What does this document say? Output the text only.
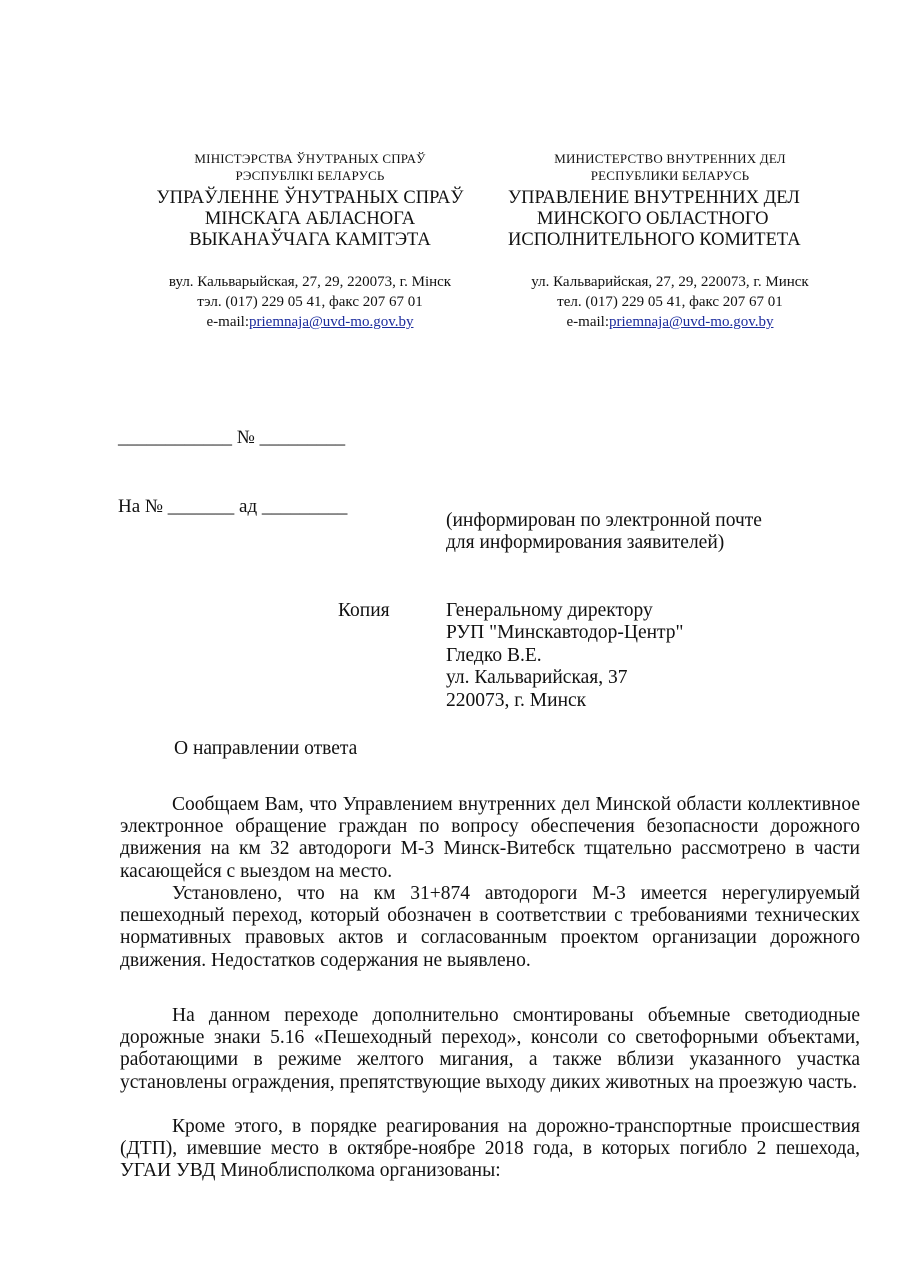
МІНІСТЭРСТВА ЎНУТРАНЫХ СПРАЎ
РЭСПУБЛІКІ БЕЛАРУСЬ
УПРАЎЛЕННЕ ЎНУТРАНЫХ СПРАЎ
МІНСКАГА АБЛАСНОГА
ВЫКАНАЎЧАГА КАМІТЭТА
вул. Кальварыйская, 27, 29, 220073, г. Мінск
тэл. (017) 229 05 41, факс 207 67 01
e-mail:priemnaja@uvd-mo.gov.by
МИНИСТЕРСТВО ВНУТРЕННИХ ДЕЛ
РЕСПУБЛИКИ БЕЛАРУСЬ
УПРАВЛЕНИЕ ВНУТРЕННИХ ДЕЛ
МИНСКОГО ОБЛАСТНОГО
ИСПОЛНИТЕЛЬНОГО КОМИТЕТА
ул. Кальварийская, 27, 29, 220073, г. Минск
тел. (017) 229 05 41, факс 207 67 01
e-mail:priemnaja@uvd-mo.gov.by

____________ № _________

На № _______ ад _________

(информирован по электронной почте
для информирования заявителей)
Копия	Генеральному директору
РУП "Минскавтодор-Центр"
Гледко В.Е.
ул. Кальварийская, 37
220073, г. Минск
О направлении ответа
Сообщаем Вам, что Управлением внутренних дел Минской области коллективное электронное обращение граждан по вопросу обеспечения безопасности дорожного движения на км 32 автодороги М-3 Минск-Витебск тщательно рассмотрено в части касающейся с выездом на место.
Установлено, что на км 31+874 автодороги М-3 имеется нерегулируемый пешеходный переход, который обозначен в соответствии с требованиями технических нормативных правовых актов и согласованным проектом организации дорожного движения. Недостатков содержания не выявлено.
На данном переходе дополнительно смонтированы объемные светодиодные дорожные знаки 5.16 «Пешеходный переход», консоли со светофорными объектами, работающими в режиме желтого мигания, а также вблизи указанного участка установлены ограждения, препятствующие выходу диких животных на проезжую часть.
Кроме этого, в порядке реагирования на дорожно-транспортные происшествия (ДТП), имевшие место в октябре-ноябре 2018 года, в которых погибло 2 пешехода, УГАИ УВД Миноблисполкома организованы:
